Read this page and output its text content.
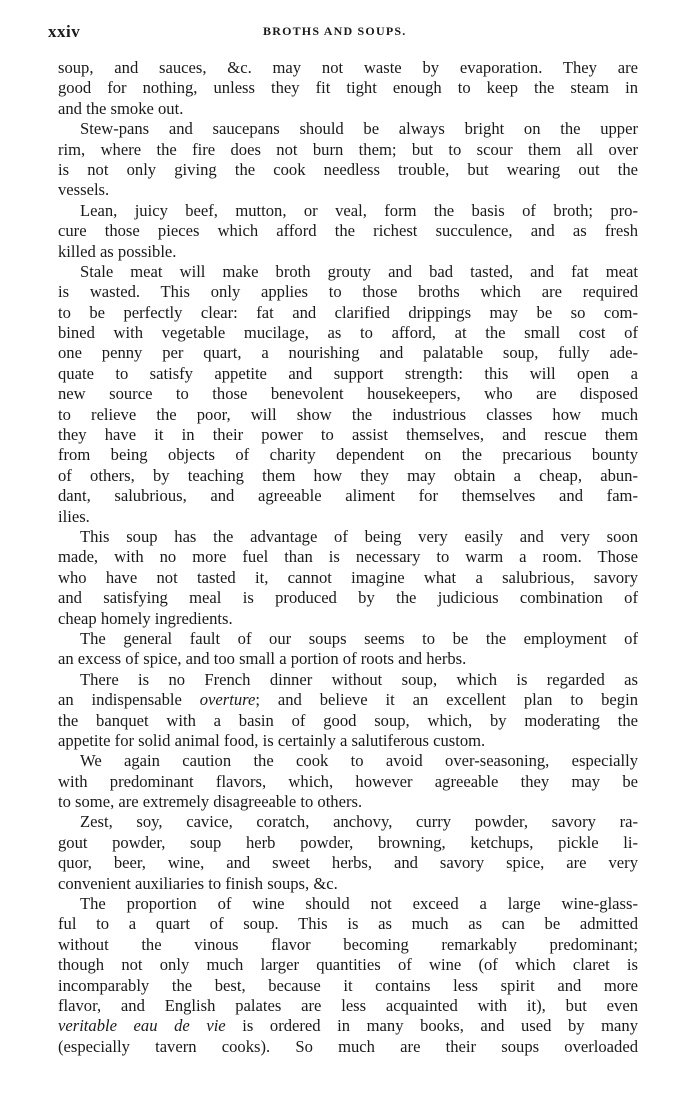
xxiv	BROTHS AND SOUPS.
soup, and sauces, &c. may not waste by evaporation. They are
good for nothing, unless they fit tight enough to keep the steam in
and the smoke out.
Stew-pans and saucepans should be always bright on the upper
rim, where the fire does not burn them; but to scour them all over
is not only giving the cook needless trouble, but wearing out the
vessels.
Lean, juicy beef, mutton, or veal, form the basis of broth; pro-
cure those pieces which afford the richest succulence, and as fresh
killed as possible.
Stale meat will make broth grouty and bad tasted, and fat meat
is wasted. This only applies to those broths which are required
to be perfectly clear: fat and clarified drippings may be so com-
bined with vegetable mucilage, as to afford, at the small cost of
one penny per quart, a nourishing and palatable soup, fully ade-
quate to satisfy appetite and support strength: this will open a
new source to those benevolent housekeepers, who are disposed
to relieve the poor, will show the industrious classes how much
they have it in their power to assist themselves, and rescue them
from being objects of charity dependent on the precarious bounty
of others, by teaching them how they may obtain a cheap, abun-
dant, salubrious, and agreeable aliment for themselves and fam-
ilies.
This soup has the advantage of being very easily and very soon
made, with no more fuel than is necessary to warm a room. Those
who have not tasted it, cannot imagine what a salubrious, savory
and satisfying meal is produced by the judicious combination of
cheap homely ingredients.
The general fault of our soups seems to be the employment of
an excess of spice, and too small a portion of roots and herbs.
There is no French dinner without soup, which is regarded as
an indispensable overture; and believe it an excellent plan to begin
the banquet with a basin of good soup, which, by moderating the
appetite for solid animal food, is certainly a salutiferous custom.
We again caution the cook to avoid over-seasoning, especially
with predominant flavors, which, however agreeable they may be
to some, are extremely disagreeable to others.
Zest, soy, cavice, coratch, anchovy, curry powder, savory ra-
gout powder, soup herb powder, browning, ketchups, pickle li-
quor, beer, wine, and sweet herbs, and savory spice, are very
convenient auxiliaries to finish soups, &c.
The proportion of wine should not exceed a large wine-glass-
ful to a quart of soup. This is as much as can be admitted
without the vinous flavor becoming remarkably predominant;
though not only much larger quantities of wine (of which claret is
incomparably the best, because it contains less spirit and more
flavor, and English palates are less acquainted with it), but even
veritable eau de vie is ordered in many books, and used by many
(especially tavern cooks). So much are their soups overloaded
